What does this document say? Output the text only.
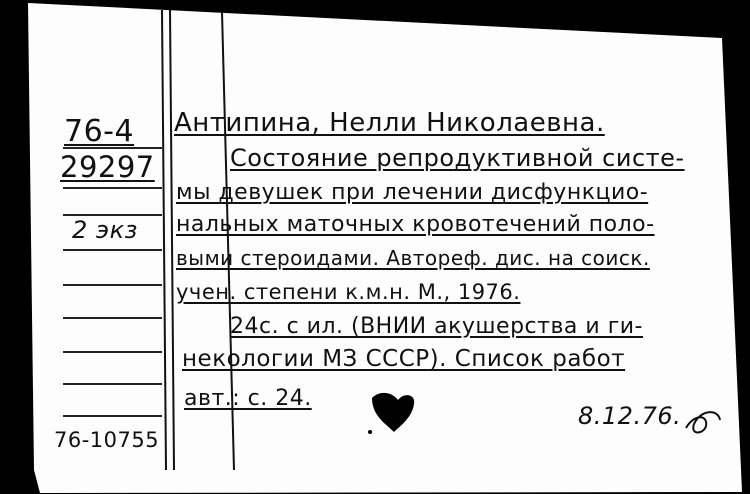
76-4
29297
2 экз
76-10755
Антипина, Нелли Николаевна.
Состояние репродуктивной систе-
мы девушек при лечении дисфункцио-
нальных маточных кровотечений поло-
выми стероидами. Автореф. дис. на соиск.
учен. степени к.м.н. М., 1976.
24с. с ил. (ВНИИ акушерства и ги-
некологии МЗ СССР). Список работ
авт.: с. 24.
8.12.76.
